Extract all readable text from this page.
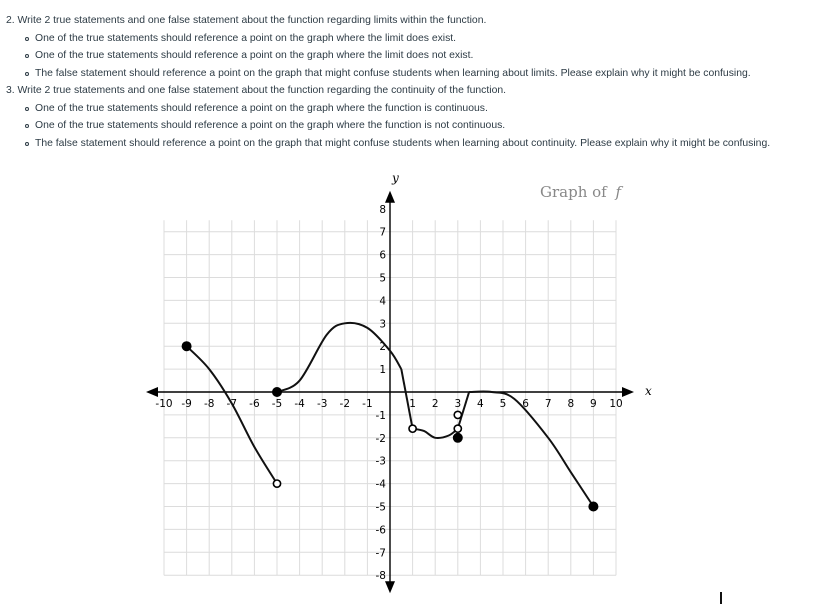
2. Write 2 true statements and one false statement about the function regarding limits within the function.
One of the true statements should reference a point on the graph where the limit does exist.
One of the true statements should reference a point on the graph where the limit does not exist.
The false statement should reference a point on the graph that might confuse students when learning about limits. Please explain why it might be confusing.
3. Write 2 true statements and one false statement about the function regarding the continuity of the function.
One of the true statements should reference a point on the graph where the function is continuous.
One of the true statements should reference a point on the graph where the function is not continuous.
The false statement should reference a point on the graph that might confuse students when learning about continuity. Please explain why it might be confusing.
-10 -9 -8 -7 -6 -5 -4 -3 -2 -1	1 2 3 4 5 6 7 8 9 10
8
7
6
5
4
3
2
1
-1
-2
-3
-4
-5
-6
-7
-8
Graph of f
y
x
